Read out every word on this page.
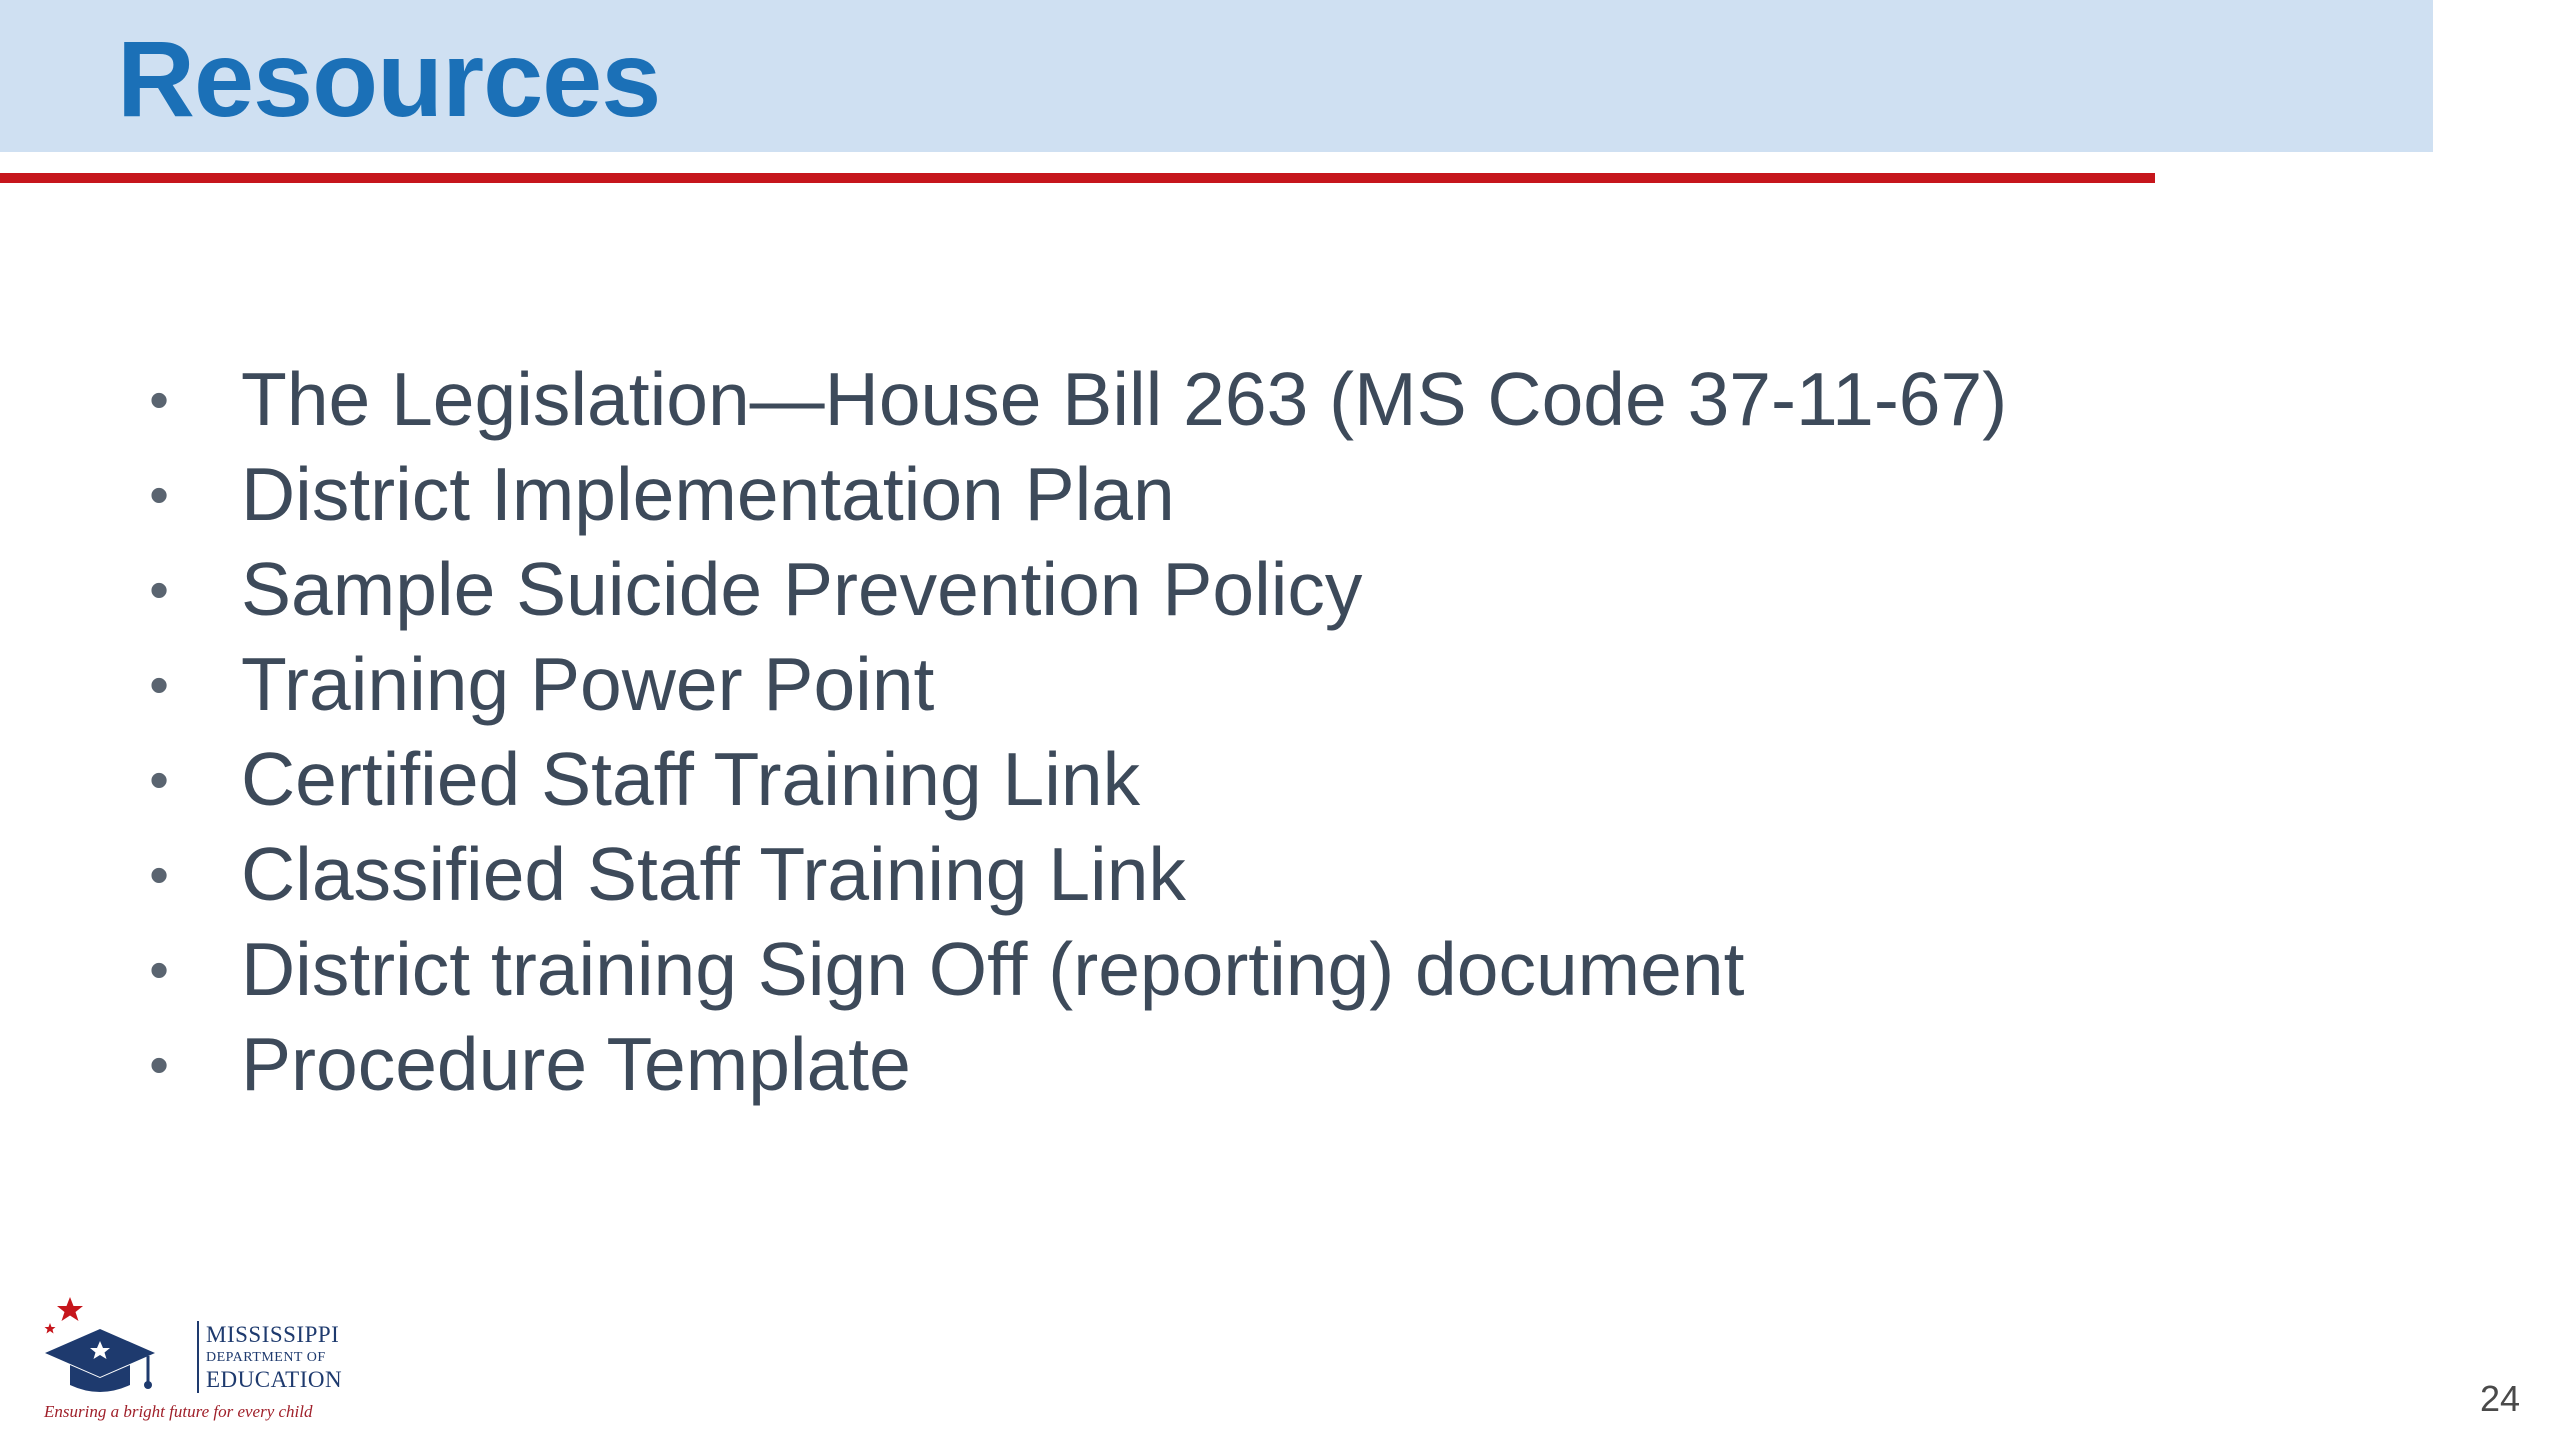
Resources
• The Legislation—House Bill 263 (MS Code 37-11-67)
• District Implementation Plan
• Sample Suicide Prevention Policy
• Training Power Point
• Certified Staff Training Link
• Classified Staff Training Link
• District training Sign Off (reporting) document
• Procedure Template
MISSISSIPPI
DEPARTMENT OF
EDUCATION
Ensuring a bright future for every child	24
